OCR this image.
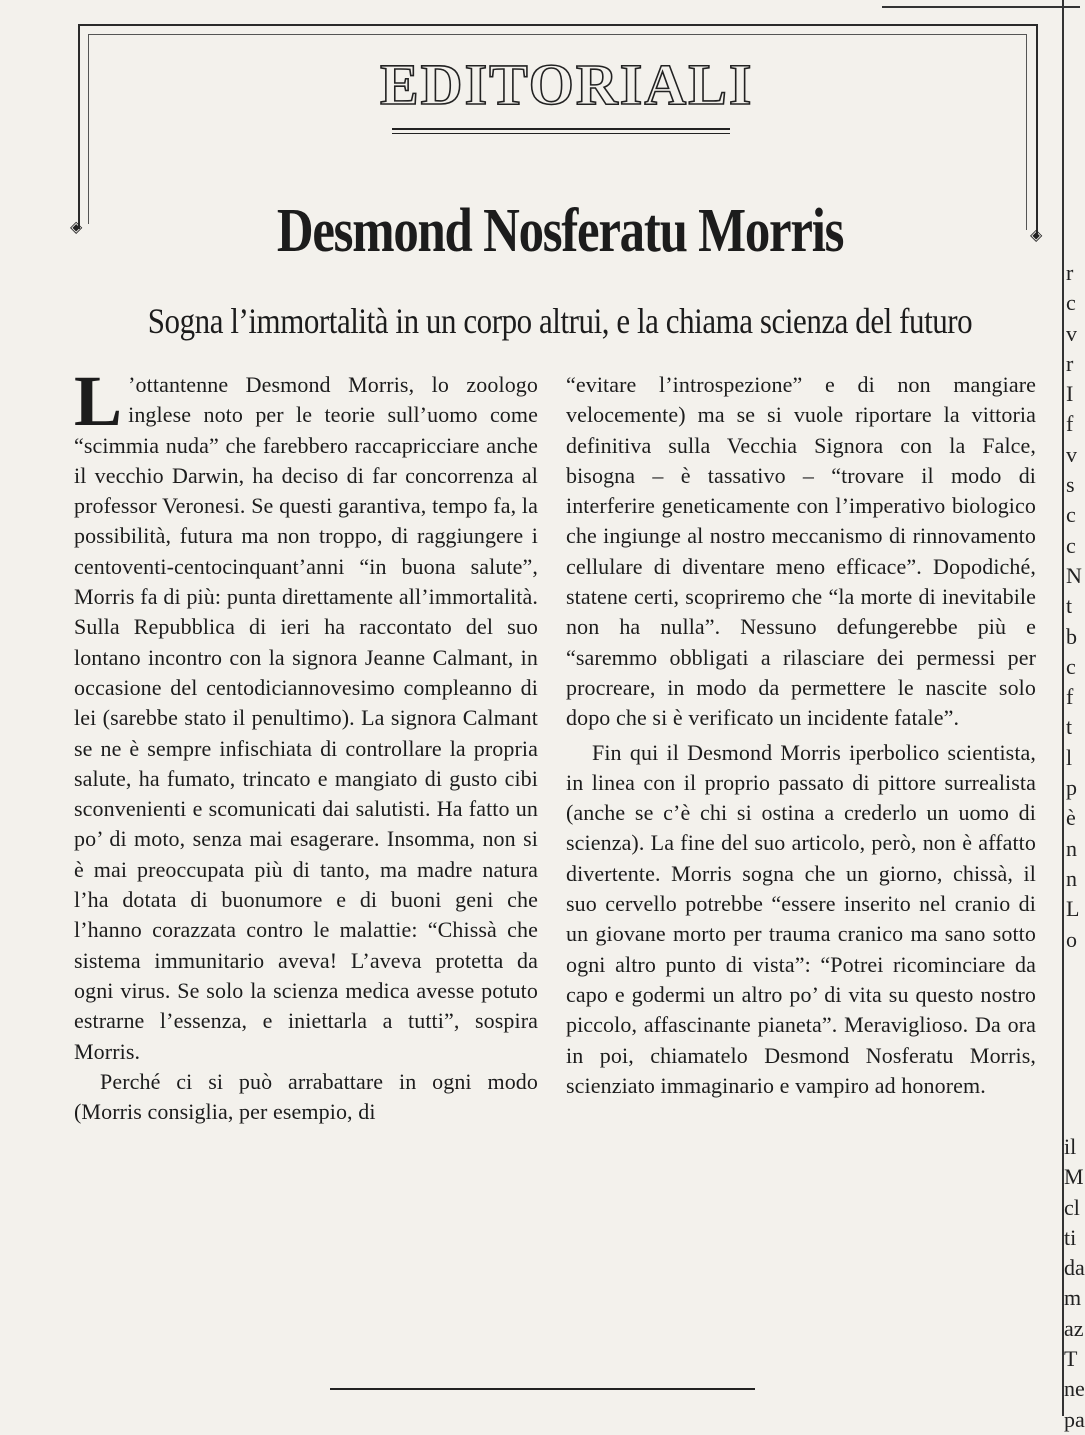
◈	◈
EDITORIALI
Desmond Nosferatu Morris
Sogna l’immortalità in un corpo altrui, e la chiama scienza del futuro

L ’ottantenne Desmond Morris, lo zoologo inglese noto per le teorie sull’uomo come “scimmia nuda” che farebbero raccapricciare anche il vecchio Darwin, ha deciso di far concorrenza al professor Veronesi. Se questi garantiva, tempo fa, la possibilità, futura ma non troppo, di raggiungere i centoventi-centocinquant’anni “in buona salute”, Morris fa di più: punta direttamente all’immortalità. Sulla Repubblica di ieri ha raccontato del suo lontano incontro con la signora Jeanne Calmant, in occasione del centodiciannovesimo compleanno di lei (sarebbe stato il penultimo). La signora Calmant se ne è sempre infischiata di controllare la propria salute, ha fumato, trincato e mangiato di gusto cibi sconvenienti e scomunicati dai salutisti. Ha fatto un po’ di moto, senza mai esagerare. Insomma, non si è mai preoccupata più di tanto, ma madre natura l’ha dotata di buonumore e di buoni geni che l’hanno corazzata contro le malattie: “Chissà che sistema immunitario aveva! L’aveva protetta da ogni virus. Se solo la scienza medica avesse potuto estrarne l’essenza, e iniettarla a tutti”, sospira Morris.

Perché ci si può arrabattare in ogni modo (Morris consiglia, per esempio, di

“evitare l’introspezione” e di non mangiare velocemente) ma se si vuole riportare la vittoria definitiva sulla Vecchia Signora con la Falce, bisogna – è tassativo – “trovare il modo di interferire geneticamente con l’imperativo biologico che ingiunge al nostro meccanismo di rinnovamento cellulare di diventare meno efficace”. Dopodiché, statene certi, scopriremo che “la morte di inevitabile non ha nulla”. Nessuno defungerebbe più e “saremmo obbligati a rilasciare dei permessi per procreare, in modo da permettere le nascite solo dopo che si è verificato un incidente fatale”.

Fin qui il Desmond Morris iperbolico scientista, in linea con il proprio passato di pittore surrealista (anche se c’è chi si ostina a crederlo un uomo di scienza). La fine del suo articolo, però, non è affatto divertente. Morris sogna che un giorno, chissà, il suo cervello potrebbe “essere inserito nel cranio di un giovane morto per trauma cranico ma sano sotto ogni altro punto di vista”: “Potrei ricominciare da capo e godermi un altro po’ di vita su questo nostro piccolo, affascinante pianeta”. Meraviglioso. Da ora in poi, chiamatelo Desmond Nosferatu Morris, scienziato immaginario e vampiro ad honorem.

r
c
v
r
I
f
v
s
c
c
N
t
b
c
f
t
l
p
è
n
n
L
o
il
M
cl
ti
da
m
az
T
ne
pa
